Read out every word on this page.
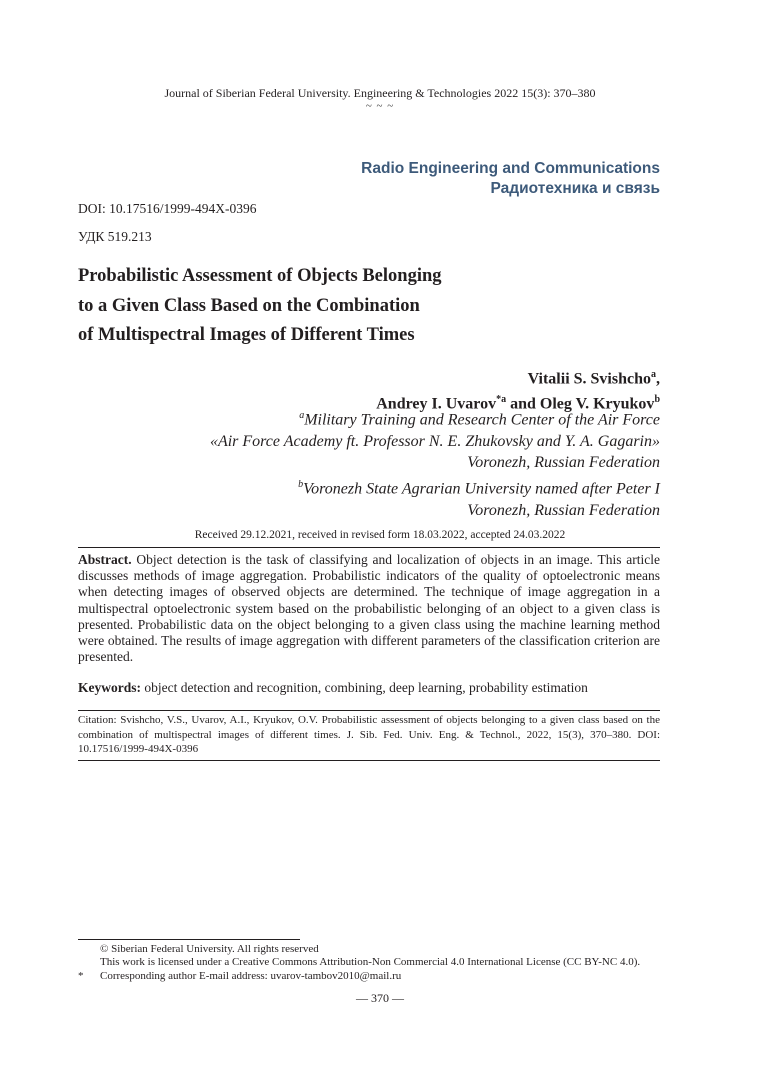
Journal of Siberian Federal University. Engineering & Technologies 2022 15(3): 370–380
~ ~ ~
Radio Engineering and Communications
Радиотехника и связь
DOI: 10.17516/1999-494X-0396
УДК 519.213
Probabilistic Assessment of Objects Belonging
to a Given Class Based on the Combination
of Multispectral Images of Different Times
Vitalii S. Svishcho$^a$,
Andrey I. Uvarov$^{*a}$ and Oleg V. Kryukov$^b$
$^a$Military Training and Research Center of the Air Force
«Air Force Academy ft. Professor N. E. Zhukovsky and Y. A. Gagarin»
Voronezh, Russian Federation
$^b$Voronezh State Agrarian University named after Peter I
Voronezh, Russian Federation
Received 29.12.2021, received in revised form 18.03.2022, accepted 24.03.2022
Abstract. Object detection is the task of classifying and localization of objects in an image. This article discusses methods of image aggregation. Probabilistic indicators of the quality of optoelectronic means when detecting images of observed objects are determined. The technique of image aggregation in a multispectral optoelectronic system based on the probabilistic belonging of an object to a given class is presented. Probabilistic data on the object belonging to a given class using the machine learning method were obtained. The results of image aggregation with different parameters of the classification criterion are presented.
Keywords: object detection and recognition, combining, deep learning, probability estimation
Citation: Svishcho, V.S., Uvarov, A.I., Kryukov, O.V. Probabilistic assessment of objects belonging to a given class based on the combination of multispectral images of different times. J. Sib. Fed. Univ. Eng. & Technol., 2022, 15(3), 370–380. DOI: 10.17516/1999-494X-0396
© Siberian Federal University. All rights reserved
This work is licensed under a Creative Commons Attribution-Non Commercial 4.0 International License (CC BY-NC 4.0).
* Corresponding author E-mail address: uvarov-tambov2010@mail.ru
— 370 —
